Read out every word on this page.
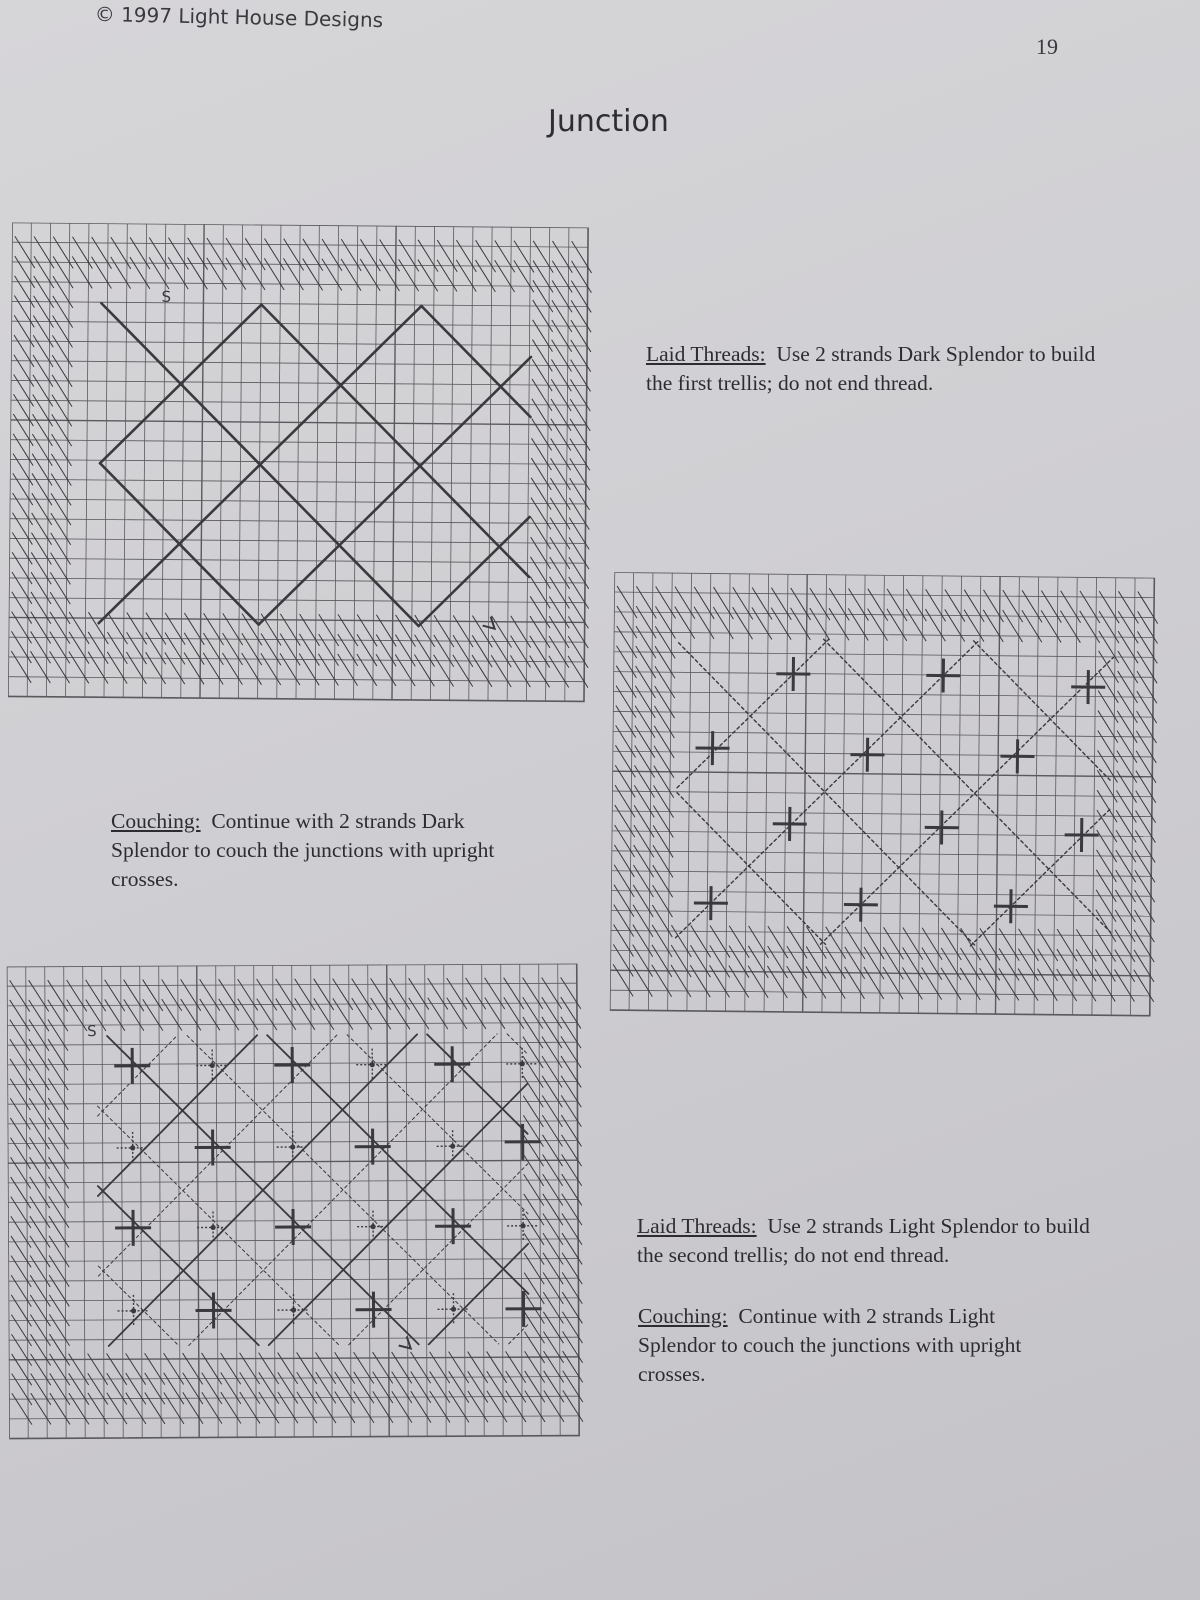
© 1997 Light House Designs
19
Junction
Laid Threads: Use 2 strands Dark Splendor to build the first trellis; do not end thread.
Couching: Continue with 2 strands Dark Splendor to couch the junctions with upright crosses.
Laid Threads: Use 2 strands Light Splendor to build the second trellis; do not end thread.
Couching: Continue with 2 strands Light Splendor to couch the junctions with upright crosses.
S
S
